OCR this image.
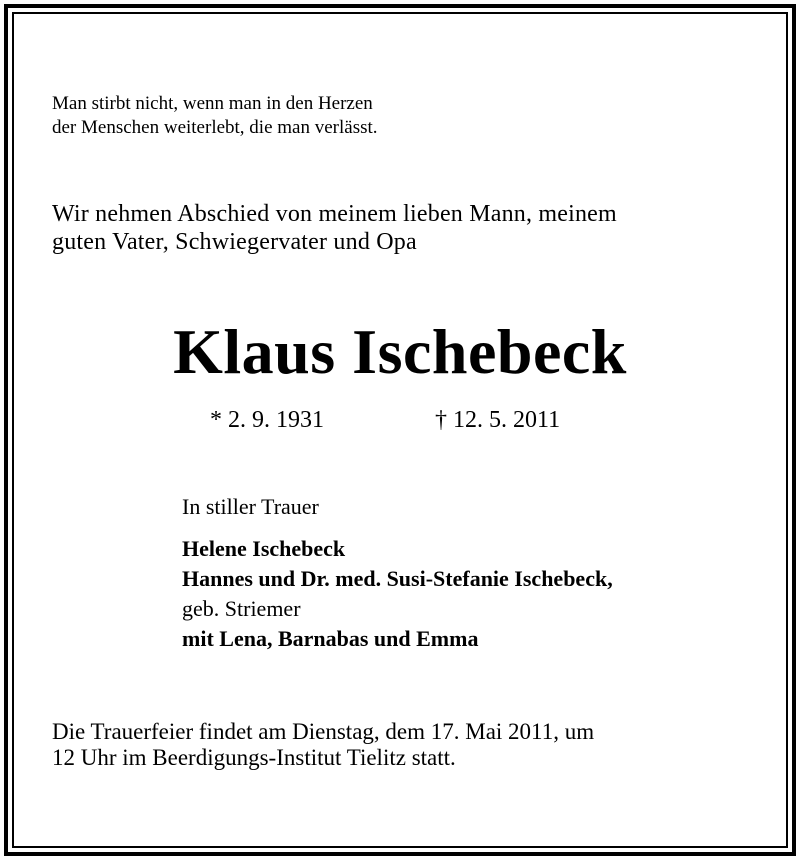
Man stirbt nicht, wenn man in den Herzen
der Menschen weiterlebt, die man verlässt.
Wir nehmen Abschied von meinem lieben Mann, meinem
guten Vater, Schwiegervater und Opa
Klaus Ischebeck
* 2. 9. 1931	† 12. 5. 2011
In stiller Trauer
Helene Ischebeck
Hannes und Dr. med. Susi-Stefanie Ischebeck,
geb. Striemer
mit Lena, Barnabas und Emma
Die Trauerfeier findet am Dienstag, dem 17. Mai 2011, um
12 Uhr im Beerdigungs-Institut Tielitz statt.
